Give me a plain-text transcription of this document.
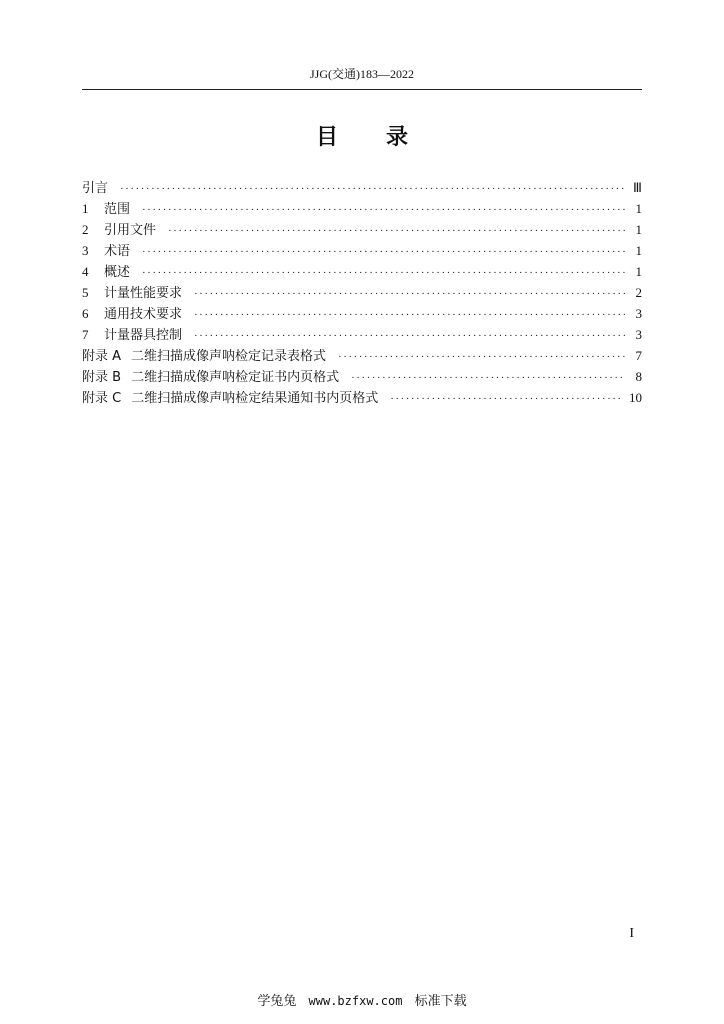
JJG(交通)183—2022
目 录
引言 ·····	Ⅲ
1	范围 ·····	1
2	引用文件 ·····	1
3	术语 ·····	1
4	概述 ·····	1
5	计量性能要求 ·····	2
6	通用技术要求 ·····	3
7	计量器具控制 ·····	3
附录 A 二维扫描成像声呐检定记录表格式 ·····	7
附录 B 二维扫描成像声呐检定证书内页格式 ·····	8
附录 C 二维扫描成像声呐检定结果通知书内页格式 ·····	10
I
学兔兔 www.bzfxw.com 标准下载
